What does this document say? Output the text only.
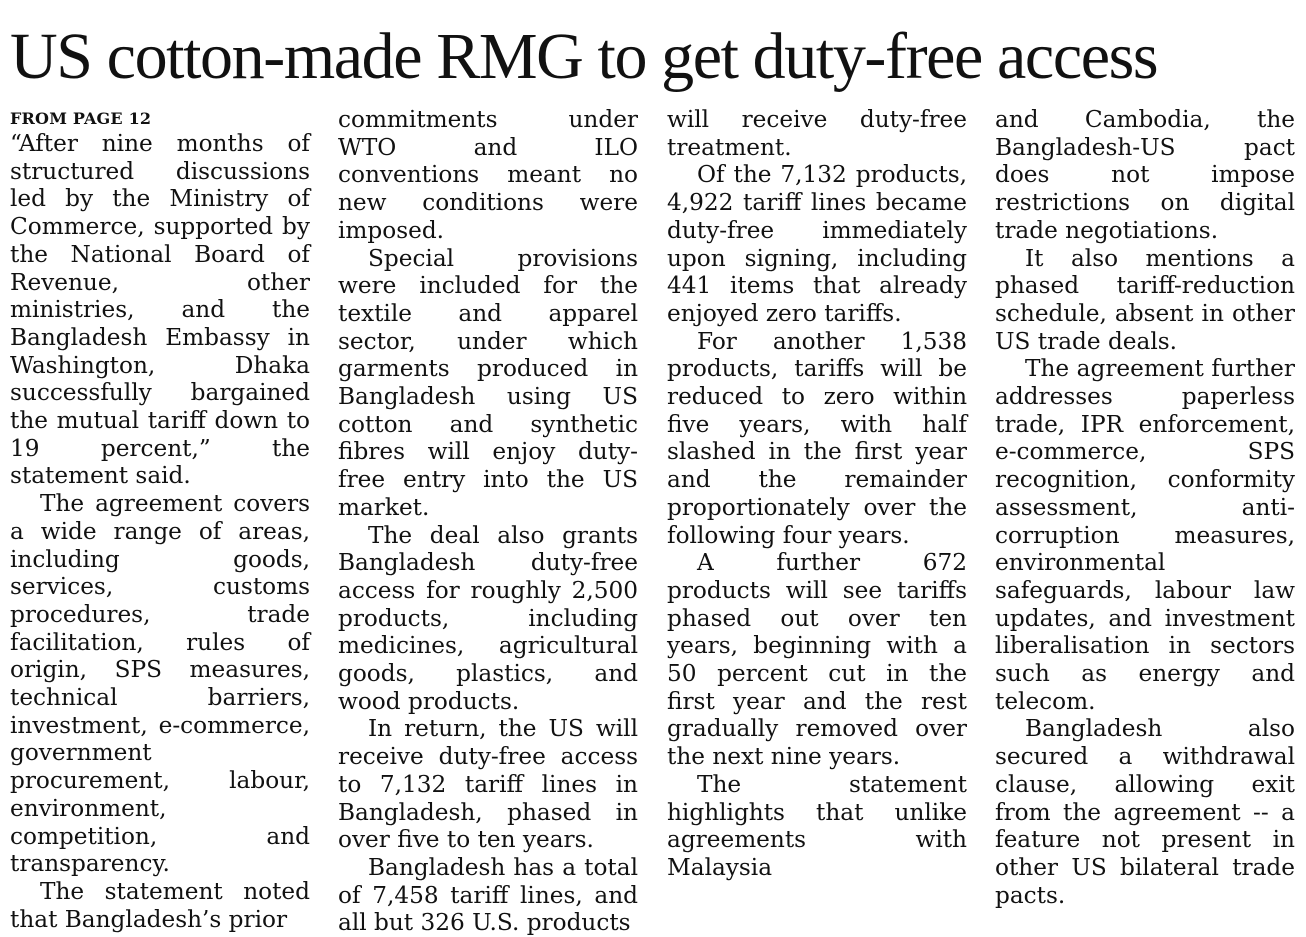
US cotton-made RMG to get duty-free access
FROM PAGE 12

“After nine months of structured discussions led by the Ministry of Commerce, supported by the National Board of Revenue, other ministries, and the Bangladesh Embassy in Washington, Dhaka successfully bargained the mutual tariff down to 19 percent,” the statement said.

The agreement covers a wide range of areas, including goods, services, customs procedures, trade facilitation, rules of origin, SPS measures, technical barriers, investment, e-commerce, government procurement, labour, environment, competition, and transparency.

The statement noted that Bangladesh’s prior

commitments under WTO and ILO conventions meant no new conditions were imposed.

Special provisions were included for the textile and apparel sector, under which garments produced in Bangladesh using US cotton and synthetic fibres will enjoy duty-free entry into the US market.

The deal also grants Bangladesh duty-free access for roughly 2,500 products, including medicines, agricultural goods, plastics, and wood products.

In return, the US will receive duty-free access to 7,132 tariff lines in Bangladesh, phased in over five to ten years.

Bangladesh has a total of 7,458 tariff lines, and all but 326 U.S. products

will receive duty-free treatment.

Of the 7,132 products, 4,922 tariff lines became duty-free immediately upon signing, including 441 items that already enjoyed zero tariffs.

For another 1,538 products, tariffs will be reduced to zero within five years, with half slashed in the first year and the remainder proportionately over the following four years.

A further 672 products will see tariffs phased out over ten years, beginning with a 50 percent cut in the first year and the rest gradually removed over the next nine years.

The statement highlights that unlike agreements with Malaysia

and Cambodia, the Bangladesh-US pact does not impose restrictions on digital trade negotiations.

It also mentions a phased tariff-reduction schedule, absent in other US trade deals.

The agreement further addresses paperless trade, IPR enforcement, e-commerce, SPS recognition, conformity assessment, anti-corruption measures, environmental safeguards, labour law updates, and investment liberalisation in sectors such as energy and telecom.

Bangladesh also secured a withdrawal clause, allowing exit from the agreement -- a feature not present in other US bilateral trade pacts.
